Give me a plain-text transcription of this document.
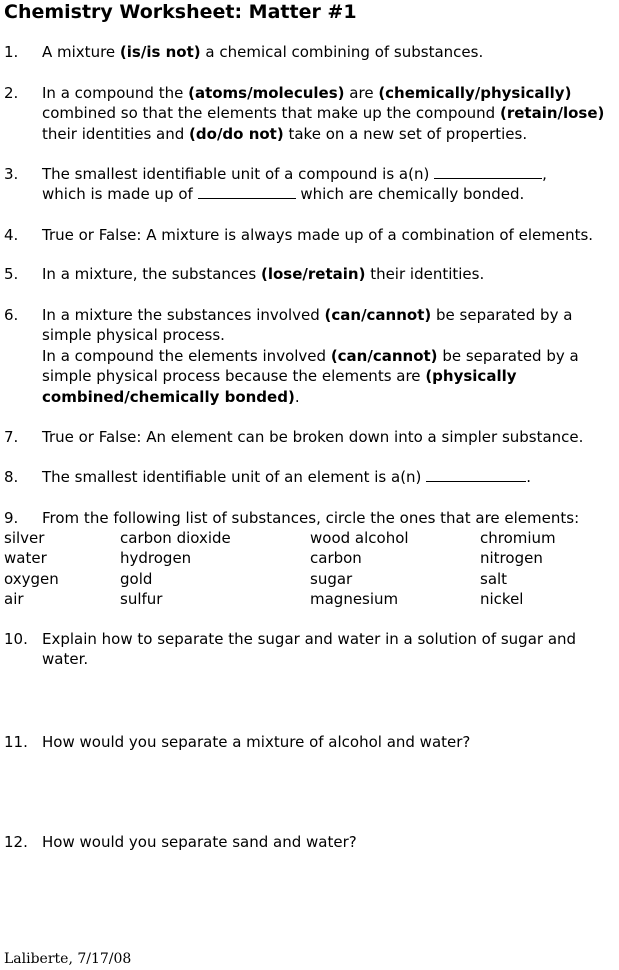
Chemistry Worksheet: Matter #1
1. A mixture (is/is not) a chemical combining of substances.
2. In a compound the (atoms/molecules) are (chemically/physically)
combined so that the elements that make up the compound (retain/lose)
their identities and (do/do not) take on a new set of properties.
3. The smallest identifiable unit of a compound is a(n)	,
which is made up of	which are chemically bonded.
4. True or False: A mixture is always made up of a combination of elements.
5. In a mixture, the substances (lose/retain) their identities.
6. In a mixture the substances involved (can/cannot) be separated by a
simple physical process.
In a compound the elements involved (can/cannot) be separated by a
simple physical process because the elements are (physically
combined/chemically bonded).
7. True or False: An element can be broken down into a simpler substance.
8. The smallest identifiable unit of an element is a(n)	.
9. From the following list of substances, circle the ones that are elements:
silver	carbon dioxide	wood alcohol	chromium
water	hydrogen	carbon	nitrogen
oxygen	gold	sugar	salt
air	sulfur	magnesium	nickel
10. Explain how to separate the sugar and water in a solution of sugar and
water.
11. How would you separate a mixture of alcohol and water?
12. How would you separate sand and water?
Laliberte, 7/17/08
